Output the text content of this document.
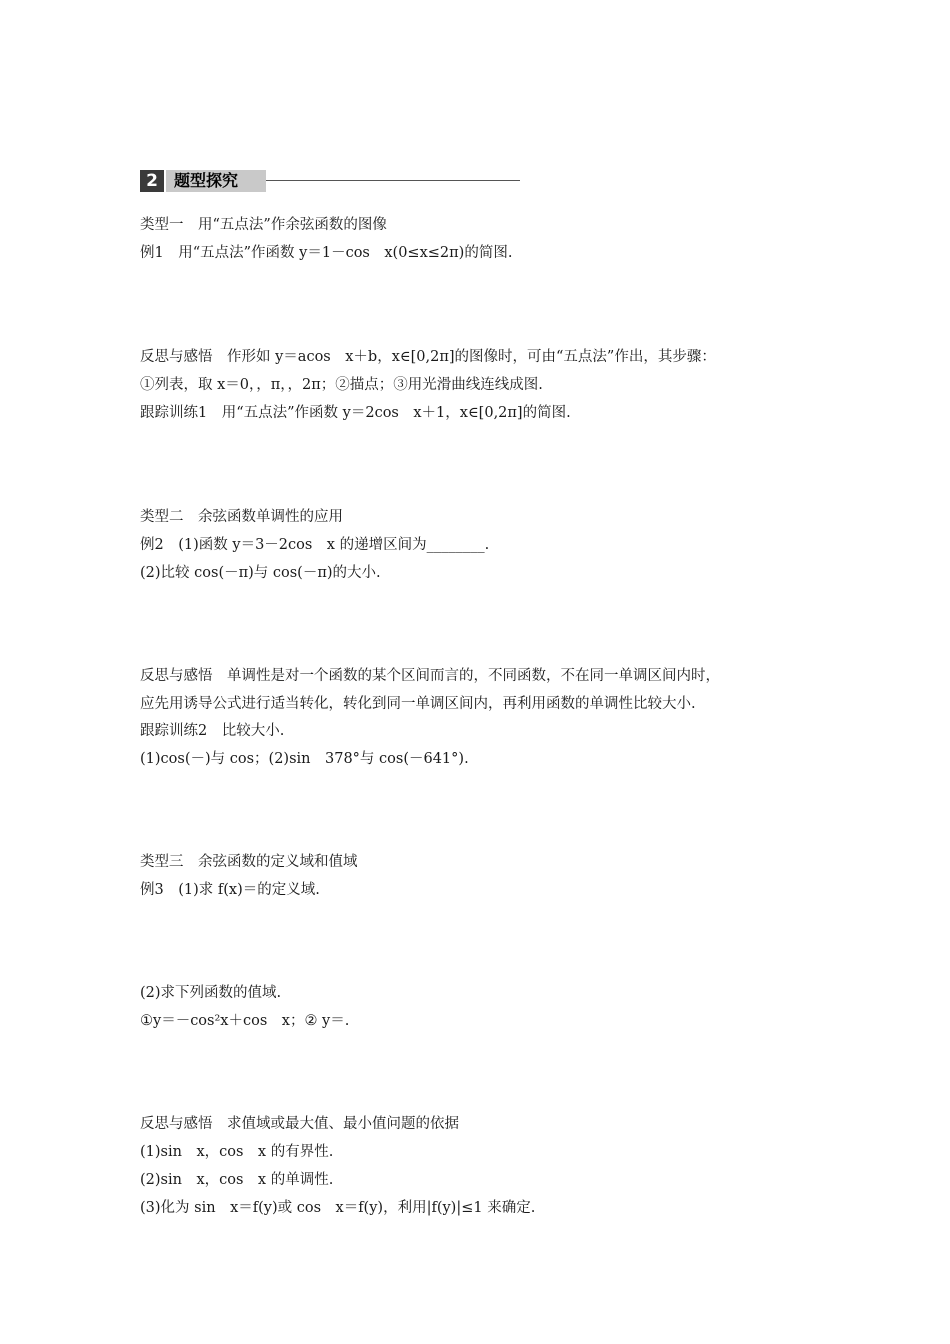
2	题型探究
类型一　用“五点法”作余弦函数的图像
例1　用“五点法”作函数 y＝1－cos　x(0≤x≤2π)的简图.
反思与感悟　作形如 y＝acos　x＋b，x∈[0,2π]的图像时，可由“五点法”作出，其步骤：
①列表，取 x＝0，，π，，2π；②描点；③用光滑曲线连线成图.
跟踪训练1　用“五点法”作函数 y＝2cos　x＋1，x∈[0,2π]的简图.
类型二　余弦函数单调性的应用
例2　(1)函数 y＝3－2cos　x 的递增区间为________.
(2)比较 cos(－π)与 cos(－π)的大小.
反思与感悟　单调性是对一个函数的某个区间而言的，不同函数，不在同一单调区间内时，
应先用诱导公式进行适当转化，转化到同一单调区间内，再利用函数的单调性比较大小.
跟踪训练2　比较大小.
(1)cos(－)与 cos；(2)sin　378°与 cos(－641°).
类型三　余弦函数的定义域和值域
例3　(1)求 f(x)＝的定义域.
(2)求下列函数的值域.
①y＝－cos²x＋cos　x；② y＝.
反思与感悟　求值域或最大值、最小值问题的依据
(1)sin　x，cos　x 的有界性.
(2)sin　x，cos　x 的单调性.
(3)化为 sin　x＝f(y)或 cos　x＝f(y)，利用|f(y)|≤1 来确定.
